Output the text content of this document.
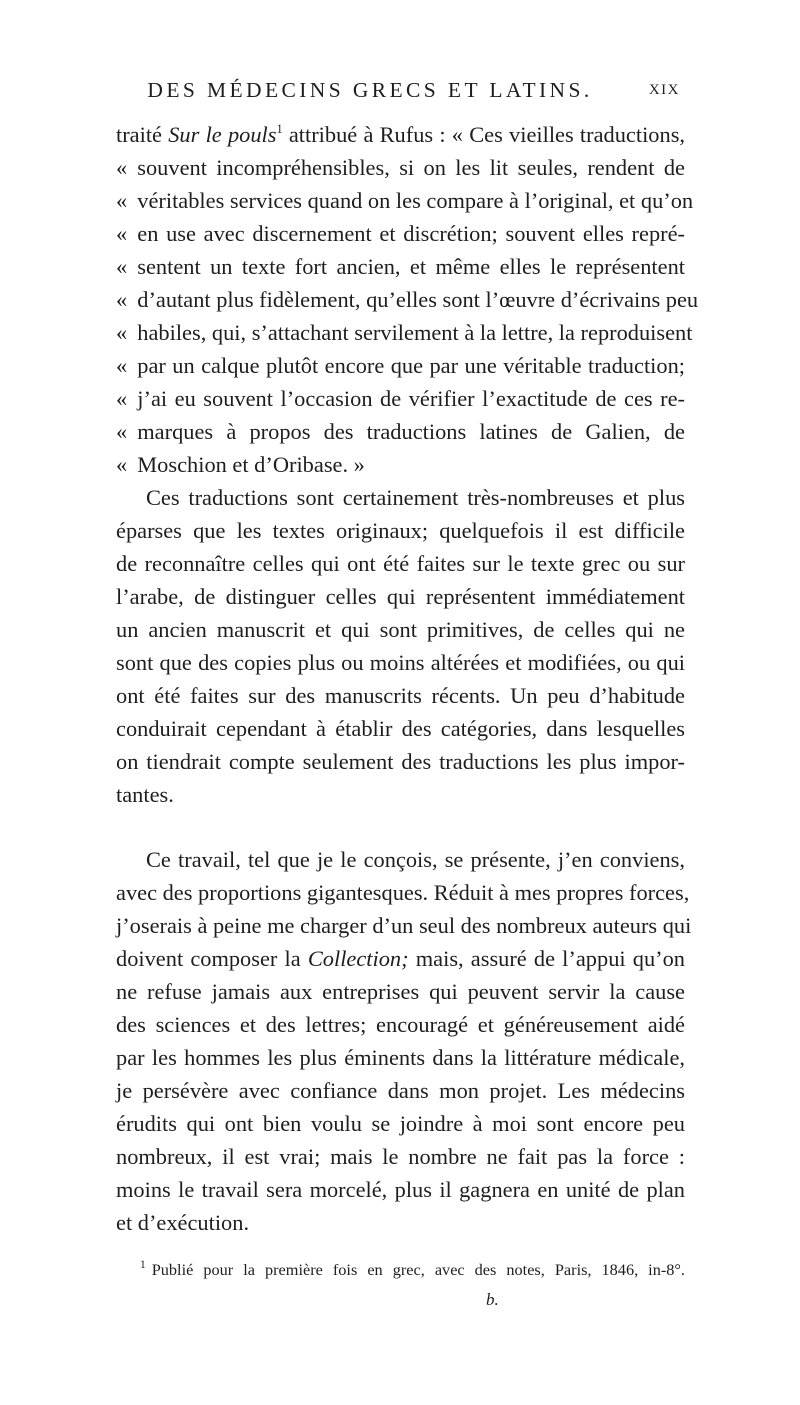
DES MÉDECINS GRECS ET LATINS.	XIX
traité Sur le pouls$^1$ attribué à Rufus : « Ces vieilles traductions,
« souvent incompréhensibles, si on les lit seules, rendent de
« véritables services quand on les compare à l’original, et qu’on
« en use avec discernement et discrétion; souvent elles repré-
« sentent un texte fort ancien, et même elles le représentent
« d’autant plus fidèlement, qu’elles sont l’œuvre d’écrivains peu
« habiles, qui, s’attachant servilement à la lettre, la reproduisent
« par un calque plutôt encore que par une véritable traduction;
« j’ai eu souvent l’occasion de vérifier l’exactitude de ces re-
« marques à propos des traductions latines de Galien, de
« Moschion et d’Oribase. »
Ces traductions sont certainement très-nombreuses et plus
éparses que les textes originaux; quelquefois il est difficile
de reconnaître celles qui ont été faites sur le texte grec ou sur
l’arabe, de distinguer celles qui représentent immédiatement
un ancien manuscrit et qui sont primitives, de celles qui ne
sont que des copies plus ou moins altérées et modifiées, ou qui
ont été faites sur des manuscrits récents. Un peu d’habitude
conduirait cependant à établir des catégories, dans lesquelles
on tiendrait compte seulement des traductions les plus impor-
tantes.
Ce travail, tel que je le conçois, se présente, j’en conviens,
avec des proportions gigantesques. Réduit à mes propres forces,
j’oserais à peine me charger d’un seul des nombreux auteurs qui
doivent composer la Collection; mais, assuré de l’appui qu’on
ne refuse jamais aux entreprises qui peuvent servir la cause
des sciences et des lettres; encouragé et généreusement aidé
par les hommes les plus éminents dans la littérature médicale,
je persévère avec confiance dans mon projet. Les médecins
érudits qui ont bien voulu se joindre à moi sont encore peu
nombreux, il est vrai; mais le nombre ne fait pas la force :
moins le travail sera morcelé, plus il gagnera en unité de plan
et d’exécution.
$^1$ Publié pour la première fois en grec, avec des notes, Paris, 1846, in-8°.
b.
